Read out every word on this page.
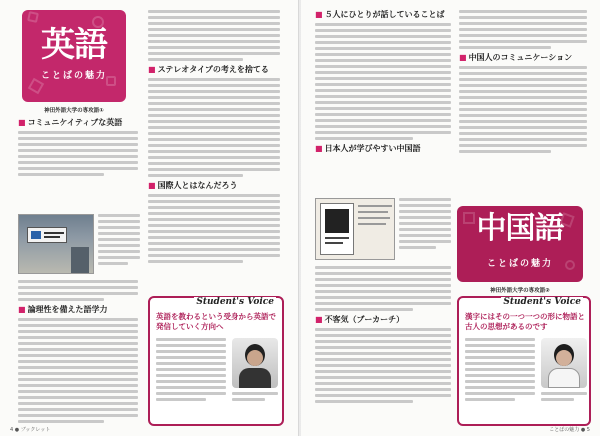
英語
ことばの魅力
神田外語大学の専攻語①
■ コミュニケイティブな英語
■ 論理性を備えた語学力
■ ステレオタイプの考えを捨てる
■ 国際人とはなんだろう
Student's Voice
英語を教わるという受身から英語で発信していく方向へ
4 ● ブックレット
■ ５人にひとりが話していることば
■ 日本人が学びやすい中国語
■ 不客気（ブーカーチ）
■ 中国人のコミュニケーション
中国語
ことばの魅力
神田外語大学の専攻語②
Student's Voice
漢字にはその一つ一つの形に物語と古人の思想があるのです
ことばの魅力 ● 5
